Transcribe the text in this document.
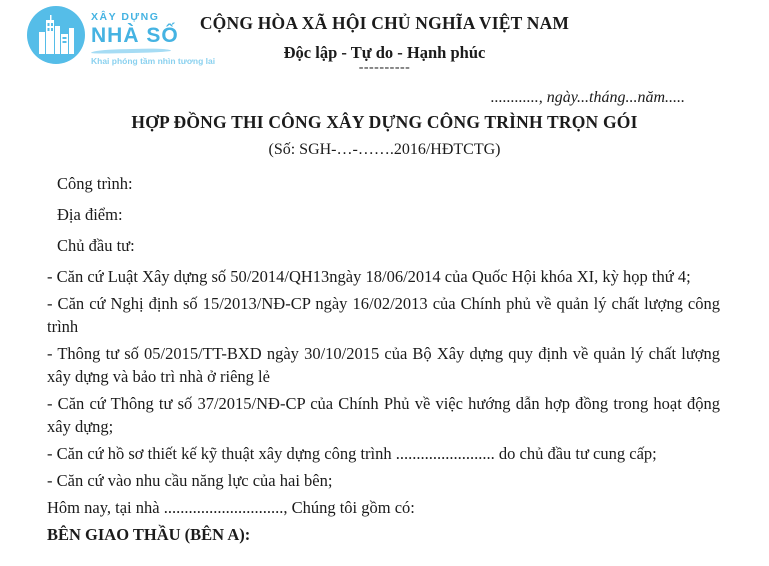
XÂY DỰNG
NHÀ SỐ
Khai phóng tầm nhìn tương lai
CỘNG HÒA XÃ HỘI CHỦ NGHĨA VIỆT NAM
Độc lập - Tự do - Hạnh phúc
----------
............, ngày...tháng...năm.....
HỢP ĐỒNG THI CÔNG XÂY DỰNG CÔNG TRÌNH TRỌN GÓI
(Số: SGH-…-…….2016/HĐTCTG)

Công trình:

Địa điểm:

Chủ đầu tư:

- Căn cứ Luật Xây dựng số 50/2014/QH13ngày 18/06/2014 của Quốc Hội khóa XI, kỳ họp thứ 4;

- Căn cứ Nghị định số 15/2013/NĐ-CP ngày 16/02/2013 của Chính phủ về quản lý chất lượng công trình

- Thông tư số 05/2015/TT-BXD ngày 30/10/2015 của Bộ Xây dựng quy định về quản lý chất lượng xây dựng và bảo trì nhà ở riêng lẻ

- Căn cứ Thông tư số 37/2015/NĐ-CP của Chính Phủ về việc hướng dẫn hợp đồng trong hoạt động xây dựng;

- Căn cứ hồ sơ thiết kế kỹ thuật xây dựng công trình ........................ do chủ đầu tư cung cấp;

- Căn cứ vào nhu cầu năng lực của hai bên;

Hôm nay, tại nhà ............................., Chúng tôi gồm có:

BÊN GIAO THẦU (BÊN A):
